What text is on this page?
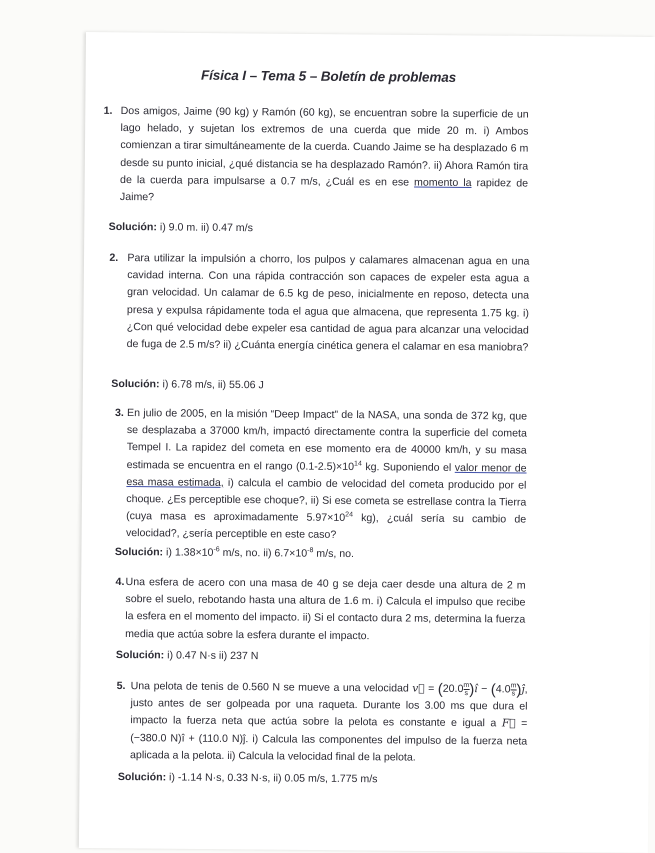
Física I – Tema 5 – Boletín de problemas
1. Dos amigos, Jaime (90 kg) y Ramón (60 kg), se encuentran sobre la superficie de un lago helado, y sujetan los extremos de una cuerda que mide 20 m. i) Ambos comienzan a tirar simultáneamente de la cuerda. Cuando Jaime se ha desplazado 6 m desde su punto inicial, ¿qué distancia se ha desplazado Ramón?. ii) Ahora Ramón tira de la cuerda para impulsarse a 0.7 m/s, ¿Cuál es en ese momento la rapidez de Jaime?
Solución: i) 9.0 m. ii) 0.47 m/s
2. Para utilizar la impulsión a chorro, los pulpos y calamares almacenan agua en una cavidad interna. Con una rápida contracción son capaces de expeler esta agua a gran velocidad. Un calamar de 6.5 kg de peso, inicialmente en reposo, detecta una presa y expulsa rápidamente toda el agua que almacena, que representa 1.75 kg. i) ¿Con qué velocidad debe expeler esa cantidad de agua para alcanzar una velocidad de fuga de 2.5 m/s? ii) ¿Cuánta energía cinética genera el calamar en esa maniobra?
Solución: i) 6.78 m/s, ii) 55.06 J
3. En julio de 2005, en la misión “Deep Impact” de la NASA, una sonda de 372 kg, que se desplazaba a 37000 km/h, impactó directamente contra la superficie del cometa Tempel I. La rapidez del cometa en ese momento era de 40000 km/h, y su masa estimada se encuentra en el rango $(0.1-2.5)\times 10^{14}$ kg. Suponiendo el valor menor de esa masa estimada, i) calcula el cambio de velocidad del cometa producido por el choque. ¿Es perceptible ese choque?, ii) Si ese cometa se estrellase contra la Tierra (cuya masa es aproximadamente $5.97\times 10^{24}$ kg), ¿cuál sería su cambio de velocidad?, ¿sería perceptible en este caso?
Solución: i) $1.38\times 10^{-6}$ m/s, no. ii) $6.7\times 10^{-8}$ m/s, no.
4. Una esfera de acero con una masa de 40 g se deja caer desde una altura de 2 m sobre el suelo, rebotando hasta una altura de 1.6 m. i) Calcula el impulso que recibe la esfera en el momento del impacto. ii) Si el contacto dura 2 ms, determina la fuerza media que actúa sobre la esfera durante el impacto.
Solución: i) 0.47 N·s ii) 237 N
5. Una pelota de tenis de 0.560 N se mueve a una velocidad v⃗ = ($20.0 \frac{m}{s}$ )î − ($4.0 \frac{m}{s}$ )ĵ, justo antes de ser golpeada por una raqueta. Durante los 3.00 ms que dura el impacto la fuerza neta que actúa sobre la pelota es constante e igual a F⃗ = (−380.0 N)î + (110.0 N)ĵ. i) Calcula las componentes del impulso de la fuerza neta aplicada a la pelota. ii) Calcula la velocidad final de la pelota.
Solución: i) -1.14 N·s, 0.33 N·s, ii) 0.05 m/s, 1.775 m/s
